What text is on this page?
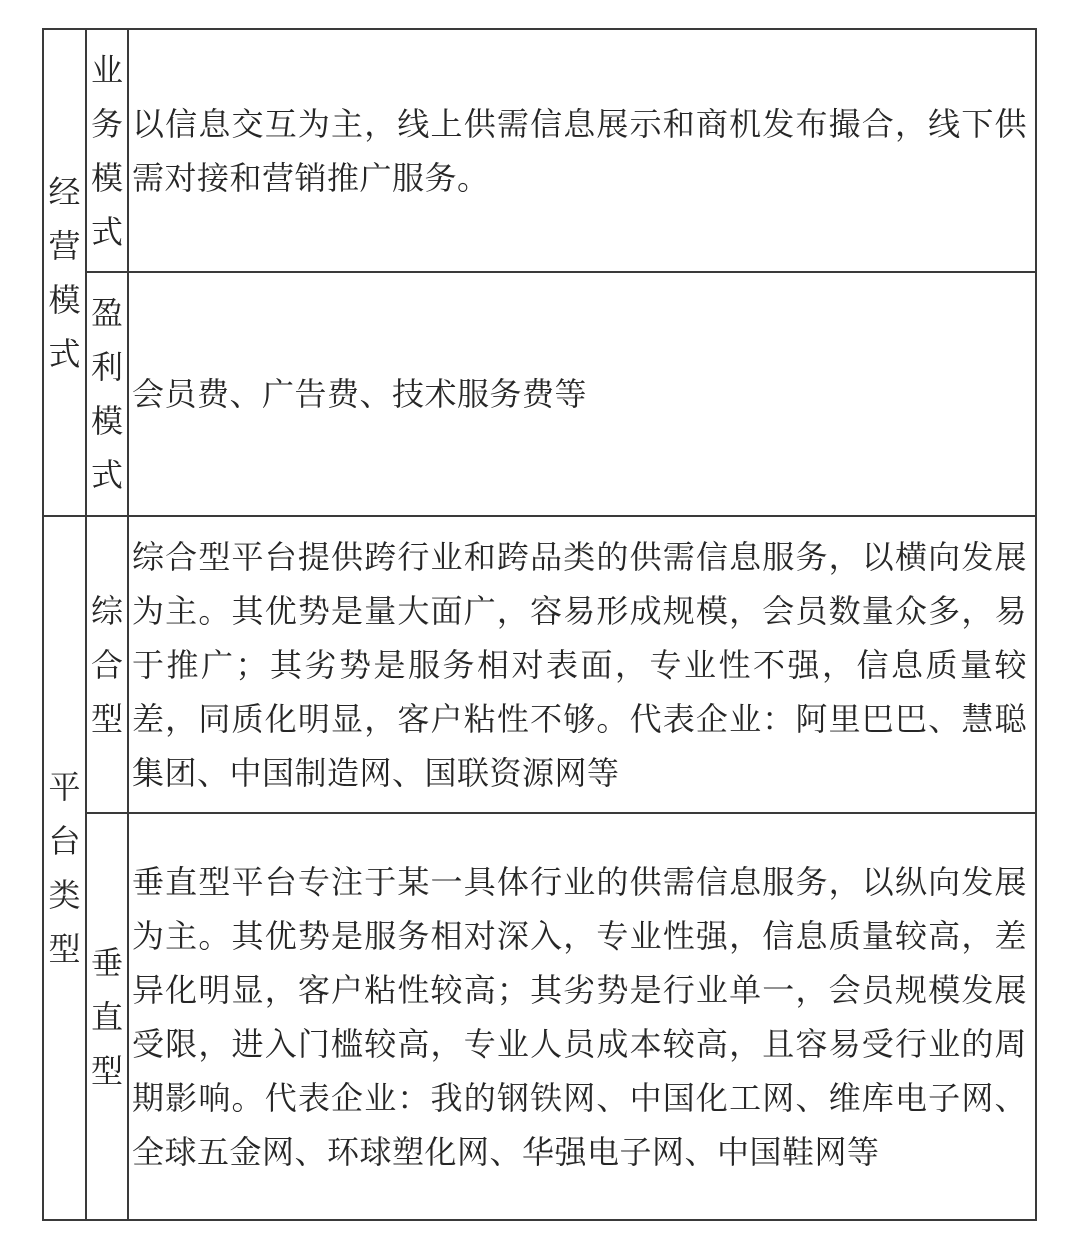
经营模式	业务模式	以信息交互为主，线上供需信息展示和商机发布撮合，线下供需对接和营销推广服务。
	盈利模式	会员费、广告费、技术服务费等
平台类型	综合型	综合型平台提供跨行业和跨品类的供需信息服务，以横向发展为主。其优势是量大面广，容易形成规模，会员数量众多，易于推广；其劣势是服务相对表面，专业性不强，信息质量较差，同质化明显，客户粘性不够。代表企业：阿里巴巴、慧聪集团、中国制造网、国联资源网等
	垂直型	垂直型平台专注于某一具体行业的供需信息服务，以纵向发展为主。其优势是服务相对深入，专业性强，信息质量较高，差异化明显，客户粘性较高；其劣势是行业单一，会员规模发展受限，进入门槛较高，专业人员成本较高，且容易受行业的周期影响。代表企业：我的钢铁网、中国化工网、维库电子网、全球五金网、环球塑化网、华强电子网、中国鞋网等
